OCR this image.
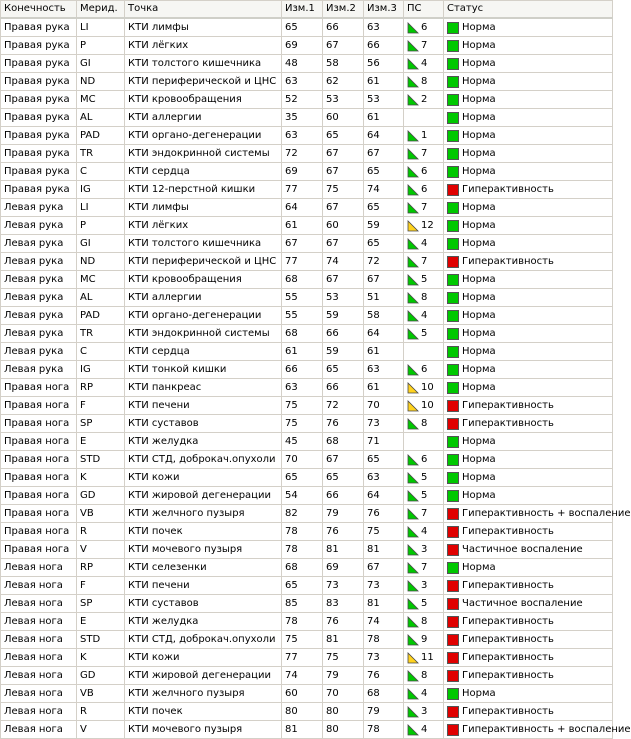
Конечность	Мерид.	Точка	Изм.1	Изм.2	Изм.3	ПС	Статус
Правая рука	LI	КТИ лимфы	65	66	63	6	Норма

Правая рука	P	КТИ лёгких	69	67	66	7	Норма

Правая рука	GI	КТИ толстого кишечника	48	58	56	4	Норма

Правая рука	ND	КТИ периферической и ЦНС	63	62	61	8	Норма

Правая рука	MC	КТИ кровообращения	52	53	53	2	Норма

Правая рука	AL	КТИ аллергии	35	60	61		Норма

Правая рука	PAD	КТИ органо-дегенерации	63	65	64	1	Норма

Правая рука	TR	КТИ эндокринной системы	72	67	67	7	Норма

Правая рука	C	КТИ сердца	69	67	65	6	Норма

Правая рука	IG	КТИ 12-перстной кишки	77	75	74	6	Гиперактивность

Левая рука	LI	КТИ лимфы	64	67	65	7	Норма

Левая рука	P	КТИ лёгких	61	60	59	12	Норма

Левая рука	GI	КТИ толстого кишечника	67	67	65	4	Норма

Левая рука	ND	КТИ периферической и ЦНС	77	74	72	7	Гиперактивность

Левая рука	MC	КТИ кровообращения	68	67	67	5	Норма

Левая рука	AL	КТИ аллергии	55	53	51	8	Норма

Левая рука	PAD	КТИ органо-дегенерации	55	59	58	4	Норма

Левая рука	TR	КТИ эндокринной системы	68	66	64	5	Норма

Левая рука	C	КТИ сердца	61	59	61		Норма

Левая рука	IG	КТИ тонкой кишки	66	65	63	6	Норма

Правая нога	RP	КТИ панкреас	63	66	61	10	Норма

Правая нога	F	КТИ печени	75	72	70	10	Гиперактивность

Правая нога	SP	КТИ суставов	75	76	73	8	Гиперактивность

Правая нога	E	КТИ желудка	45	68	71		Норма

Правая нога	STD	КТИ СТД, доброкач.опухоли	70	67	65	6	Норма

Правая нога	K	КТИ кожи	65	65	63	5	Норма

Правая нога	GD	КТИ жировой дегенерации	54	66	64	5	Норма

Правая нога	VB	КТИ желчного пузыря	82	79	76	7	Гиперактивность + воспаление

Правая нога	R	КТИ почек	78	76	75	4	Гиперактивность

Правая нога	V	КТИ мочевого пузыря	78	81	81	3	Частичное воспаление

Левая нога	RP	КТИ селезенки	68	69	67	7	Норма

Левая нога	F	КТИ печени	65	73	73	3	Гиперактивность

Левая нога	SP	КТИ суставов	85	83	81	5	Частичное воспаление

Левая нога	E	КТИ желудка	78	76	74	8	Гиперактивность

Левая нога	STD	КТИ СТД, доброкач.опухоли	75	81	78	9	Гиперактивность

Левая нога	K	КТИ кожи	77	75	73	11	Гиперактивность

Левая нога	GD	КТИ жировой дегенерации	74	79	76	8	Гиперактивность

Левая нога	VB	КТИ желчного пузыря	60	70	68	4	Норма

Левая нога	R	КТИ почек	80	80	79	3	Гиперактивность

Левая нога	V	КТИ мочевого пузыря	81	80	78	4	Гиперактивность + воспаление
